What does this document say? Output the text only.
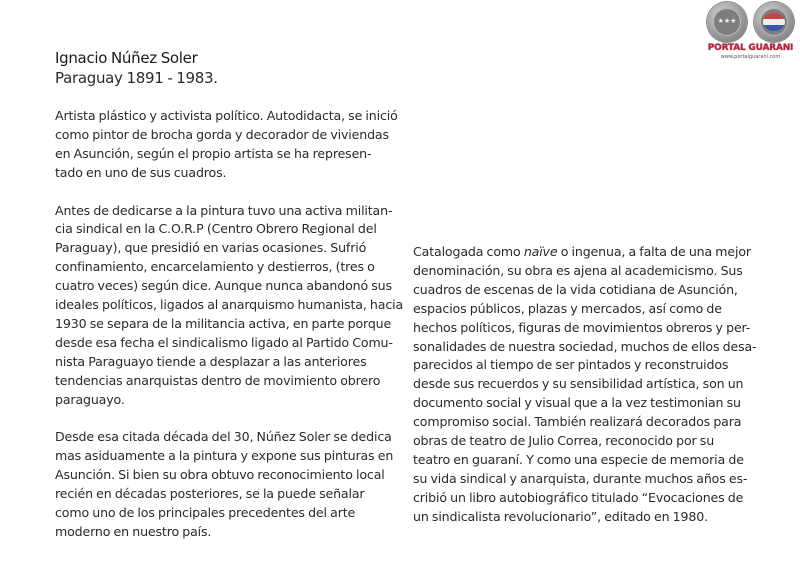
★★★
PORTAL GUARANI
www.portalguarani.com
Ignacio Núñez Soler
Paraguay 1891 - 1983.
Artista plástico y activista político. Autodidacta, se inició
como pintor de brocha gorda y decorador de viviendas
en Asunción, según el propio artista se ha represen-
tado en uno de sus cuadros.
Antes de dedicarse a la pintura tuvo una activa militan-
cia sindical en la C.O.R.P (Centro Obrero Regional del
Paraguay), que presidió en varias ocasiones. Sufrió
confinamiento, encarcelamiento y destierros, (tres o
cuatro veces) según dice. Aunque nunca abandonó sus
ideales políticos, ligados al anarquismo humanista, hacia
1930 se separa de la militancia activa, en parte porque
desde esa fecha el sindicalismo ligado al Partido Comu-
nista Paraguayo tiende a desplazar a las anteriores
tendencias anarquistas dentro de movimiento obrero
paraguayo.
Desde esa citada década del 30, Núñez Soler se dedica
mas asiduamente a la pintura y expone sus pinturas en
Asunción. Si bien su obra obtuvo reconocimiento local
recién en décadas posteriores, se la puede señalar
como uno de los principales precedentes del arte
moderno en nuestro país.
Catalogada como naïve o ingenua, a falta de una mejor
denominación, su obra es ajena al academicismo. Sus
cuadros de escenas de la vida cotidiana de Asunción,
espacios públicos, plazas y mercados, así como de
hechos políticos, figuras de movimientos obreros y per-
sonalidades de nuestra sociedad, muchos de ellos desa-
parecidos al tiempo de ser pintados y reconstruidos
desde sus recuerdos y su sensibilidad artística, son un
documento social y visual que a la vez testimonian su
compromiso social. También realizará decorados para
obras de teatro de Julio Correa, reconocido por su
teatro en guaraní. Y como una especie de memoria de
su vida sindical y anarquista, durante muchos años es-
cribió un libro autobiográfico titulado “Evocaciones de
un sindicalista revolucionario”, editado en 1980.
